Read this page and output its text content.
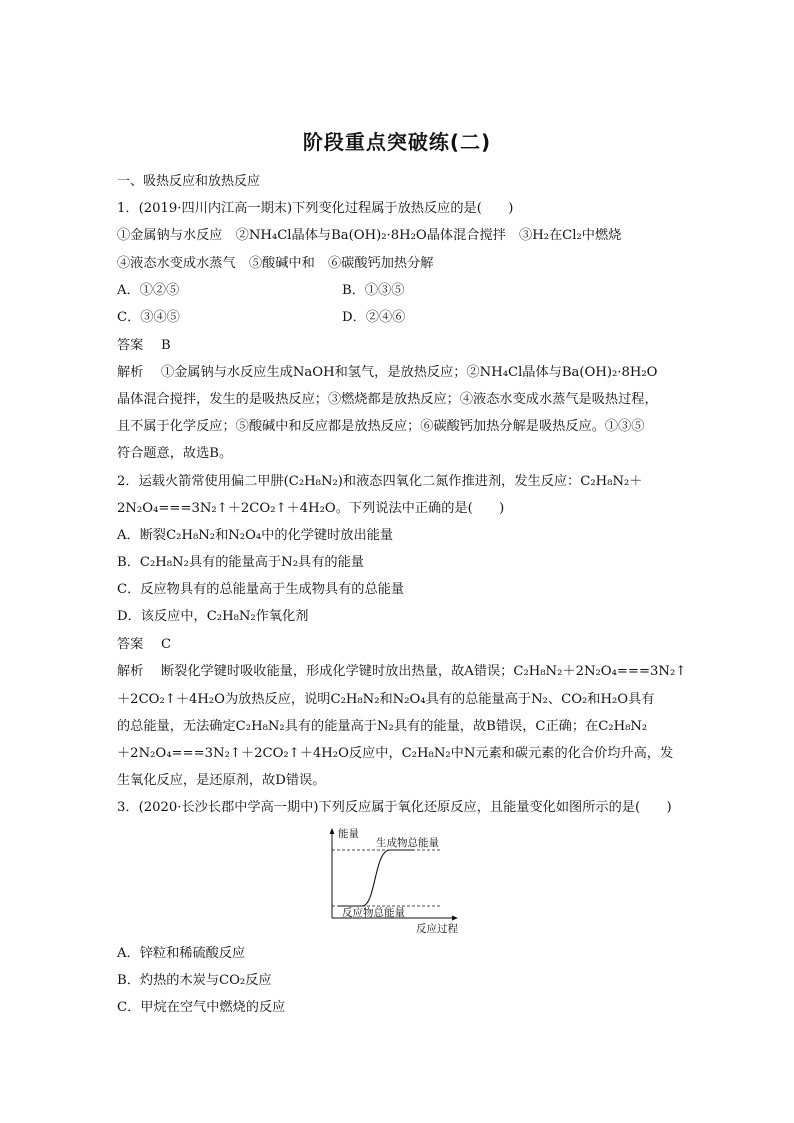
阶段重点突破练(二)
一、吸热反应和放热反应
1．(2019·四川内江高一期末)下列变化过程属于放热反应的是(　　)
①金属钠与水反应　②NH₄Cl晶体与Ba(OH)₂·8H₂O晶体混合搅拌　③H₂在Cl₂中燃烧
④液态水变成水蒸气　⑤酸碱中和　⑥碳酸钙加热分解
A．①②⑤	B．①③⑤
C．③④⑤	D．②④⑥
答案 B
解析 ①金属钠与水反应生成NaOH和氢气，是放热反应；②NH₄Cl晶体与Ba(OH)₂·8H₂O
晶体混合搅拌，发生的是吸热反应；③燃烧都是放热反应；④液态水变成水蒸气是吸热过程，
且不属于化学反应；⑤酸碱中和反应都是放热反应；⑥碳酸钙加热分解是吸热反应。①③⑤
符合题意，故选B。
2．运载火箭常使用偏二甲肼(C₂H₈N₂)和液态四氧化二氮作推进剂，发生反应：C₂H₈N₂＋
2N₂O₄===3N₂↑＋2CO₂↑＋4H₂O。下列说法中正确的是(　　)
A．断裂C₂H₈N₂和N₂O₄中的化学键时放出能量
B．C₂H₈N₂具有的能量高于N₂具有的能量
C．反应物具有的总能量高于生成物具有的总能量
D．该反应中，C₂H₈N₂作氧化剂
答案 C
解析 断裂化学键时吸收能量，形成化学键时放出热量，故A错误；C₂H₈N₂＋2N₂O₄===3N₂↑
＋2CO₂↑＋4H₂O为放热反应，说明C₂H₈N₂和N₂O₄具有的总能量高于N₂、CO₂和H₂O具有
的总能量，无法确定C₂H₈N₂具有的能量高于N₂具有的能量，故B错误，C正确；在C₂H₈N₂
＋2N₂O₄===3N₂↑＋2CO₂↑＋4H₂O反应中，C₂H₈N₂中N元素和碳元素的化合价均升高，发
生氧化反应，是还原剂，故D错误。
3．(2020·长沙长郡中学高一期中)下列反应属于氧化还原反应，且能量变化如图所示的是(　　)
能量
生成物总能量
反应物总能量
反应过程
A．锌粒和稀硫酸反应
B．灼热的木炭与CO₂反应
C．甲烷在空气中燃烧的反应
